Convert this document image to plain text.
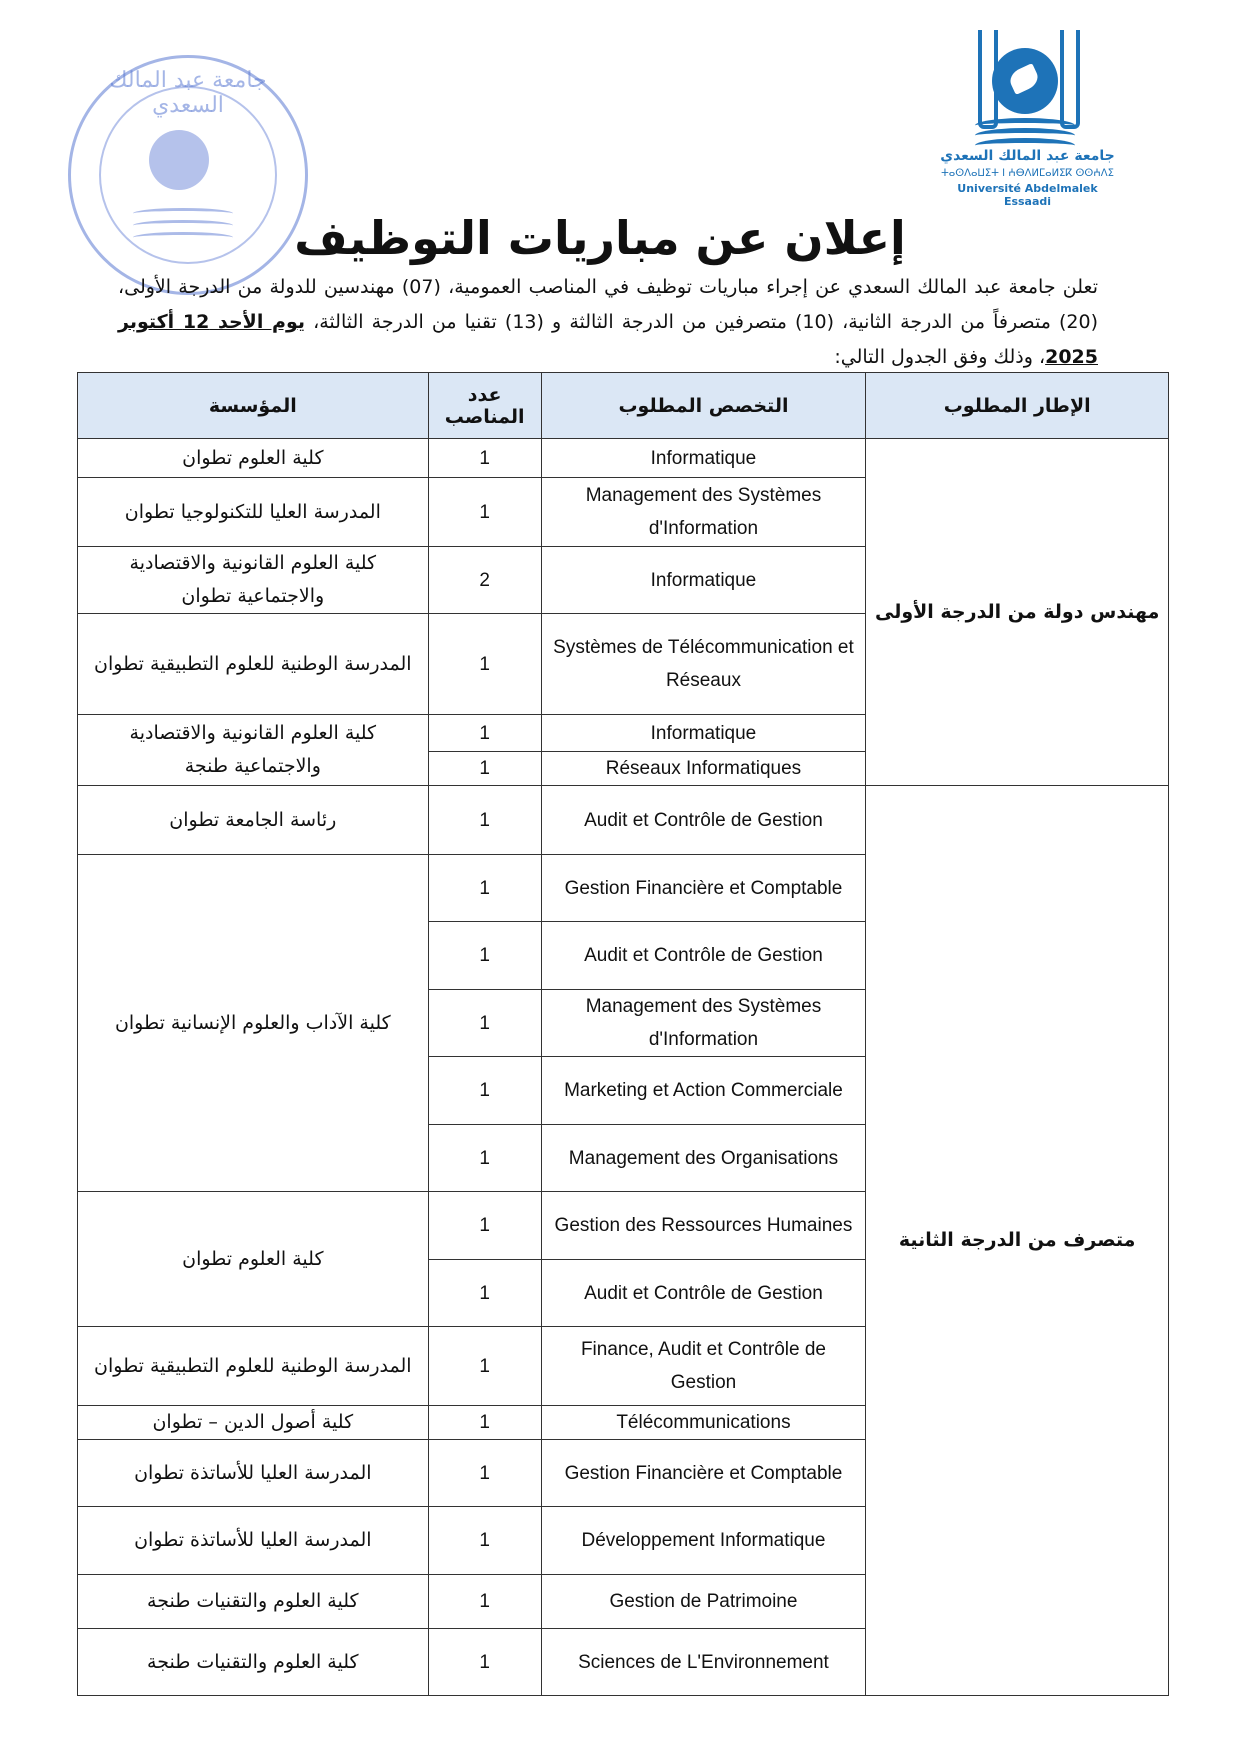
جامعة عبد المالك السعدي
جامعة عبد المالك السعدي
ⵜⴰⵙⴷⴰⵡⵉⵜ ⵏ ⵄⴱⴷⵍⵎⴰⵍⵉⴽ ⵙⵙⵄⴷⵉ
Université Abdelmalek Essaadi
إعلان عن مباريات التوظيف
تعلن جامعة عبد المالك السعدي عن إجراء مباريات توظيف في المناصب العمومية، (07) مهندسين للدولة من الدرجة الأولى، (20) متصرفاً من الدرجة الثانية، (10) متصرفين من الدرجة الثالثة و (13) تقنيا من الدرجة الثالثة، يوم الأحد 12 أكتوبر 2025، وذلك وفق الجدول التالي:
الإطار المطلوب	التخصص المطلوب	عدد المناصب	المؤسسة
مهندس دولة من الدرجة الأولى	Informatique	1	كلية العلوم تطوان
	Management des Systèmes d'Information	1	المدرسة العليا للتكنولوجيا تطوان
	Informatique	2	كلية العلوم القانونية والاقتصادية والاجتماعية تطوان
	Systèmes de Télécommunication et Réseaux	1	المدرسة الوطنية للعلوم التطبيقية تطوان
	Informatique	1	كلية العلوم القانونية والاقتصادية والاجتماعية طنجة
	Réseaux Informatiques	1	
متصرف من الدرجة الثانية	Audit et Contrôle de Gestion	1	رئاسة الجامعة تطوان
	Gestion Financière et Comptable	1	كلية الآداب والعلوم الإنسانية تطوان
	Audit et Contrôle de Gestion	1	
	Management des Systèmes d'Information	1	
	Marketing et Action Commerciale	1	
	Management des Organisations	1	
	Gestion des Ressources Humaines	1	كلية العلوم تطوان
	Audit et Contrôle de Gestion	1	
	Finance, Audit et Contrôle de Gestion	1	المدرسة الوطنية للعلوم التطبيقية تطوان
	Télécommunications	1	كلية أصول الدين – تطوان
	Gestion Financière et Comptable	1	المدرسة العليا للأساتذة تطوان
	Développement Informatique	1	المدرسة العليا للأساتذة تطوان
	Gestion de Patrimoine	1	كلية العلوم والتقنيات طنجة
	Sciences de L'Environnement	1	كلية العلوم والتقنيات طنجة
